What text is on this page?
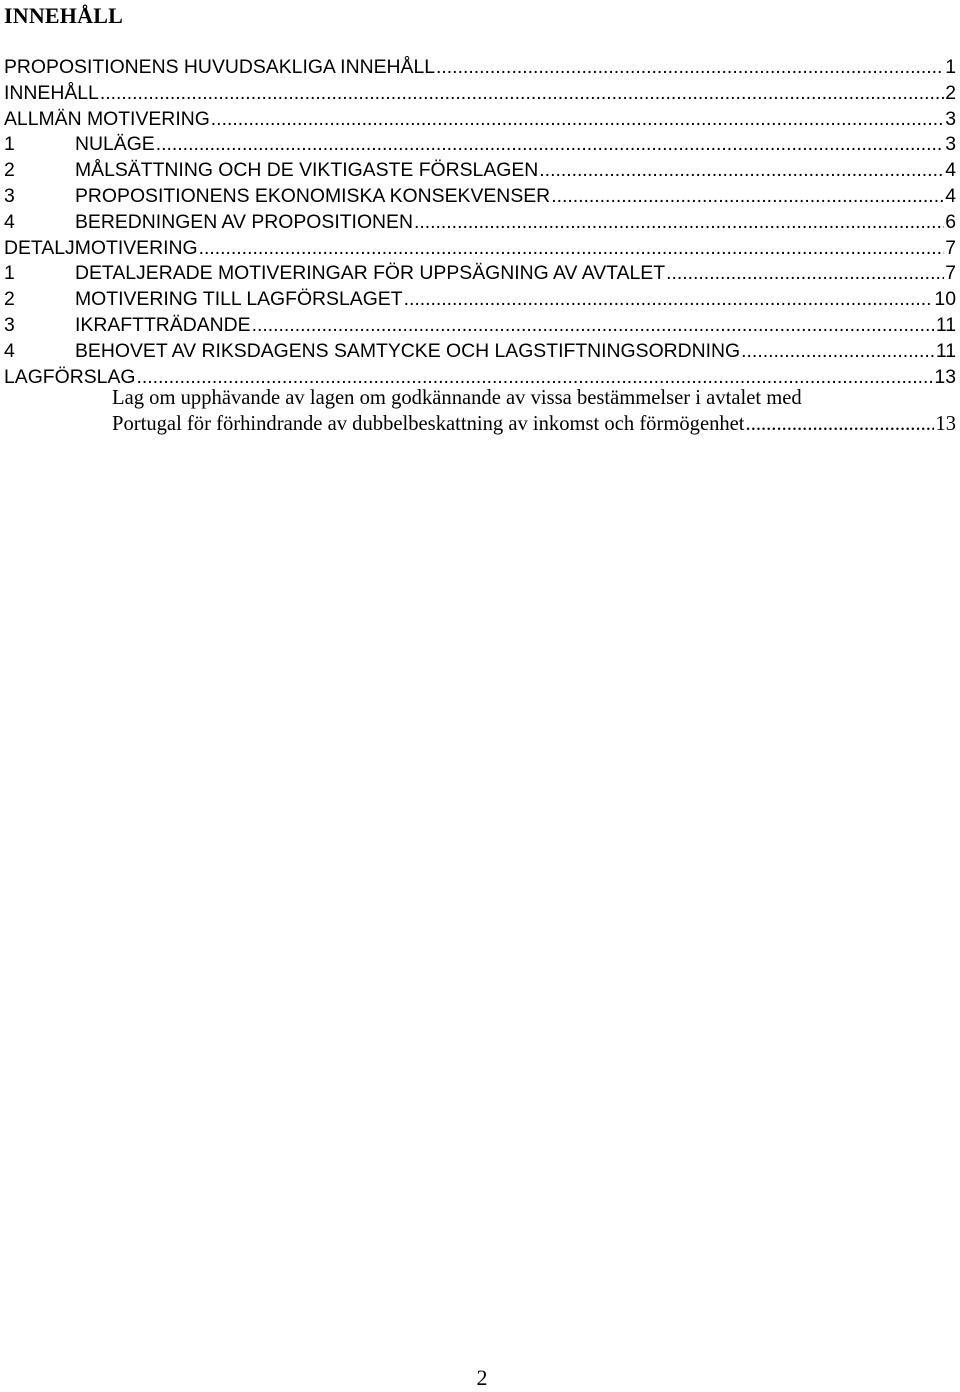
INNEHÅLL
PROPOSITIONENS HUVUDSAKLIGA INNEHÅLL .....	1
INNEHÅLL .....	2
ALLMÄN MOTIVERING .....	3
1	NULÄGE .....	3
2	MÅLSÄTTNING OCH DE VIKTIGASTE FÖRSLAGEN .....	4
3	PROPOSITIONENS EKONOMISKA KONSEKVENSER .....	4
4	BEREDNINGEN AV PROPOSITIONEN .....	6
DETALJMOTIVERING .....	7
1	DETALJERADE MOTIVERINGAR FÖR UPPSÄGNING AV AVTALET .....	7
2	MOTIVERING TILL LAGFÖRSLAGET .....	10
3	IKRAFTTRÄDANDE .....	11
4	BEHOVET AV RIKSDAGENS SAMTYCKE OCH LAGSTIFTNINGSORDNING .....	11
LAGFÖRSLAG .....	13
Lag om upphävande av lagen om godkännande av vissa bestämmelser i avtalet med
Portugal för förhindrande av dubbelbeskattning av inkomst och förmögenhet .....	13
2
